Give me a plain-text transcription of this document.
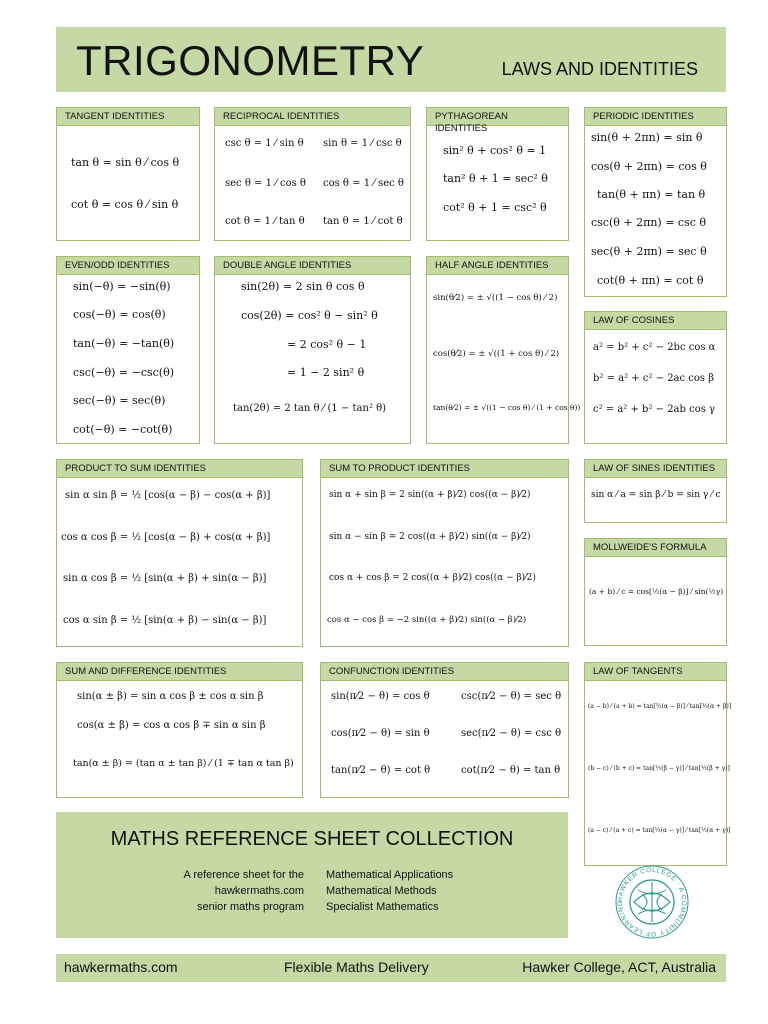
TRIGONOMETRY	LAWS AND IDENTITIES
TANGENT IDENTITIES
tan θ = sin θ ⁄ cos θ
cot θ = cos θ ⁄ sin θ
RECIPROCAL IDENTITIES
csc θ = 1 ⁄ sin θ sin θ = 1 ⁄ csc θ
sec θ = 1 ⁄ cos θ cos θ = 1 ⁄ sec θ
cot θ = 1 ⁄ tan θ tan θ = 1 ⁄ cot θ
PYTHAGOREAN IDENTITIES
sin² θ + cos² θ = 1
tan² θ + 1 = sec² θ
cot² θ + 1 = csc² θ
PERIODIC IDENTITIES
sin(θ + 2πn) = sin θ
cos(θ + 2πn) = cos θ
tan(θ + πn) = tan θ
csc(θ + 2πn) = csc θ
sec(θ + 2πn) = sec θ
cot(θ + πn) = cot θ
EVEN/ODD IDENTITIES
sin(−θ) = −sin(θ)
cos(−θ) = cos(θ)
tan(−θ) = −tan(θ)
csc(−θ) = −csc(θ)
sec(−θ) = sec(θ)
cot(−θ) = −cot(θ)
DOUBLE ANGLE IDENTITIES
sin(2θ) = 2 sin θ cos θ
cos(2θ) = cos² θ − sin² θ
= 2 cos² θ − 1
= 1 − 2 sin² θ
tan(2θ) = 2 tan θ ⁄ (1 − tan² θ)
HALF ANGLE IDENTITIES
sin(θ⁄2) = ± √((1 − cos θ) ⁄ 2)
cos(θ⁄2) = ± √((1 + cos θ) ⁄ 2)
tan(θ⁄2) = ± √((1 − cos θ) ⁄ (1 + cos θ))
LAW OF COSINES
a² = b² + c² − 2bc cos α
b² = a² + c² − 2ac cos β
c² = a² + b² − 2ab cos γ
PRODUCT TO SUM IDENTITIES
sin α sin β = ½ [cos(α − β) − cos(α + β)]
cos α cos β = ½ [cos(α − β) + cos(α + β)]
sin α cos β = ½ [sin(α + β) + sin(α − β)]
cos α sin β = ½ [sin(α + β) − sin(α − β)]
SUM TO PRODUCT IDENTITIES
sin α + sin β = 2 sin((α + β)⁄2) cos((α − β)⁄2)
sin α − sin β = 2 cos((α + β)⁄2) sin((α − β)⁄2)
cos α + cos β = 2 cos((α + β)⁄2) cos((α − β)⁄2)
cos α − cos β = −2 sin((α + β)⁄2) sin((α − β)⁄2)
LAW OF SINES IDENTITIES
sin α ⁄ a = sin β ⁄ b = sin γ ⁄ c
MOLLWEIDE'S FORMULA
(a + b) ⁄ c = cos[½(α − β)] ⁄ sin(½γ)
SUM AND DIFFERENCE IDENTITIES
sin(α ± β) = sin α cos β ± cos α sin β
cos(α ± β) = cos α cos β ∓ sin α sin β
tan(α ± β) = (tan α ± tan β) ⁄ (1 ∓ tan α tan β)
CONFUNCTION IDENTITIES
sin(π⁄2 − θ) = cos θ	csc(π⁄2 − θ) = sec θ
cos(π⁄2 − θ) = sin θ	sec(π⁄2 − θ) = csc θ
tan(π⁄2 − θ) = cot θ	cot(π⁄2 − θ) = tan θ
LAW OF TANGENTS
(a − b) ⁄ (a + b) = tan[½(α − β)] ⁄ tan[½(α + β)]
(b − c) ⁄ (b + c) = tan[½(β − γ)] ⁄ tan[½(β + γ)]
(a − c) ⁄ (a + c) = tan[½(α − γ)] ⁄ tan[½(α + γ)]
MATHS REFERENCE SHEET COLLECTION
A reference sheet for the
hawkermaths.com
senior maths program
Mathematical Applications
Mathematical Methods
Specialist Mathematics
HAWKER COLLEGE · A COMMUNITY OF LEARNING
hawkermaths.com	Flexible Maths Delivery	Hawker College, ACT, Australia
